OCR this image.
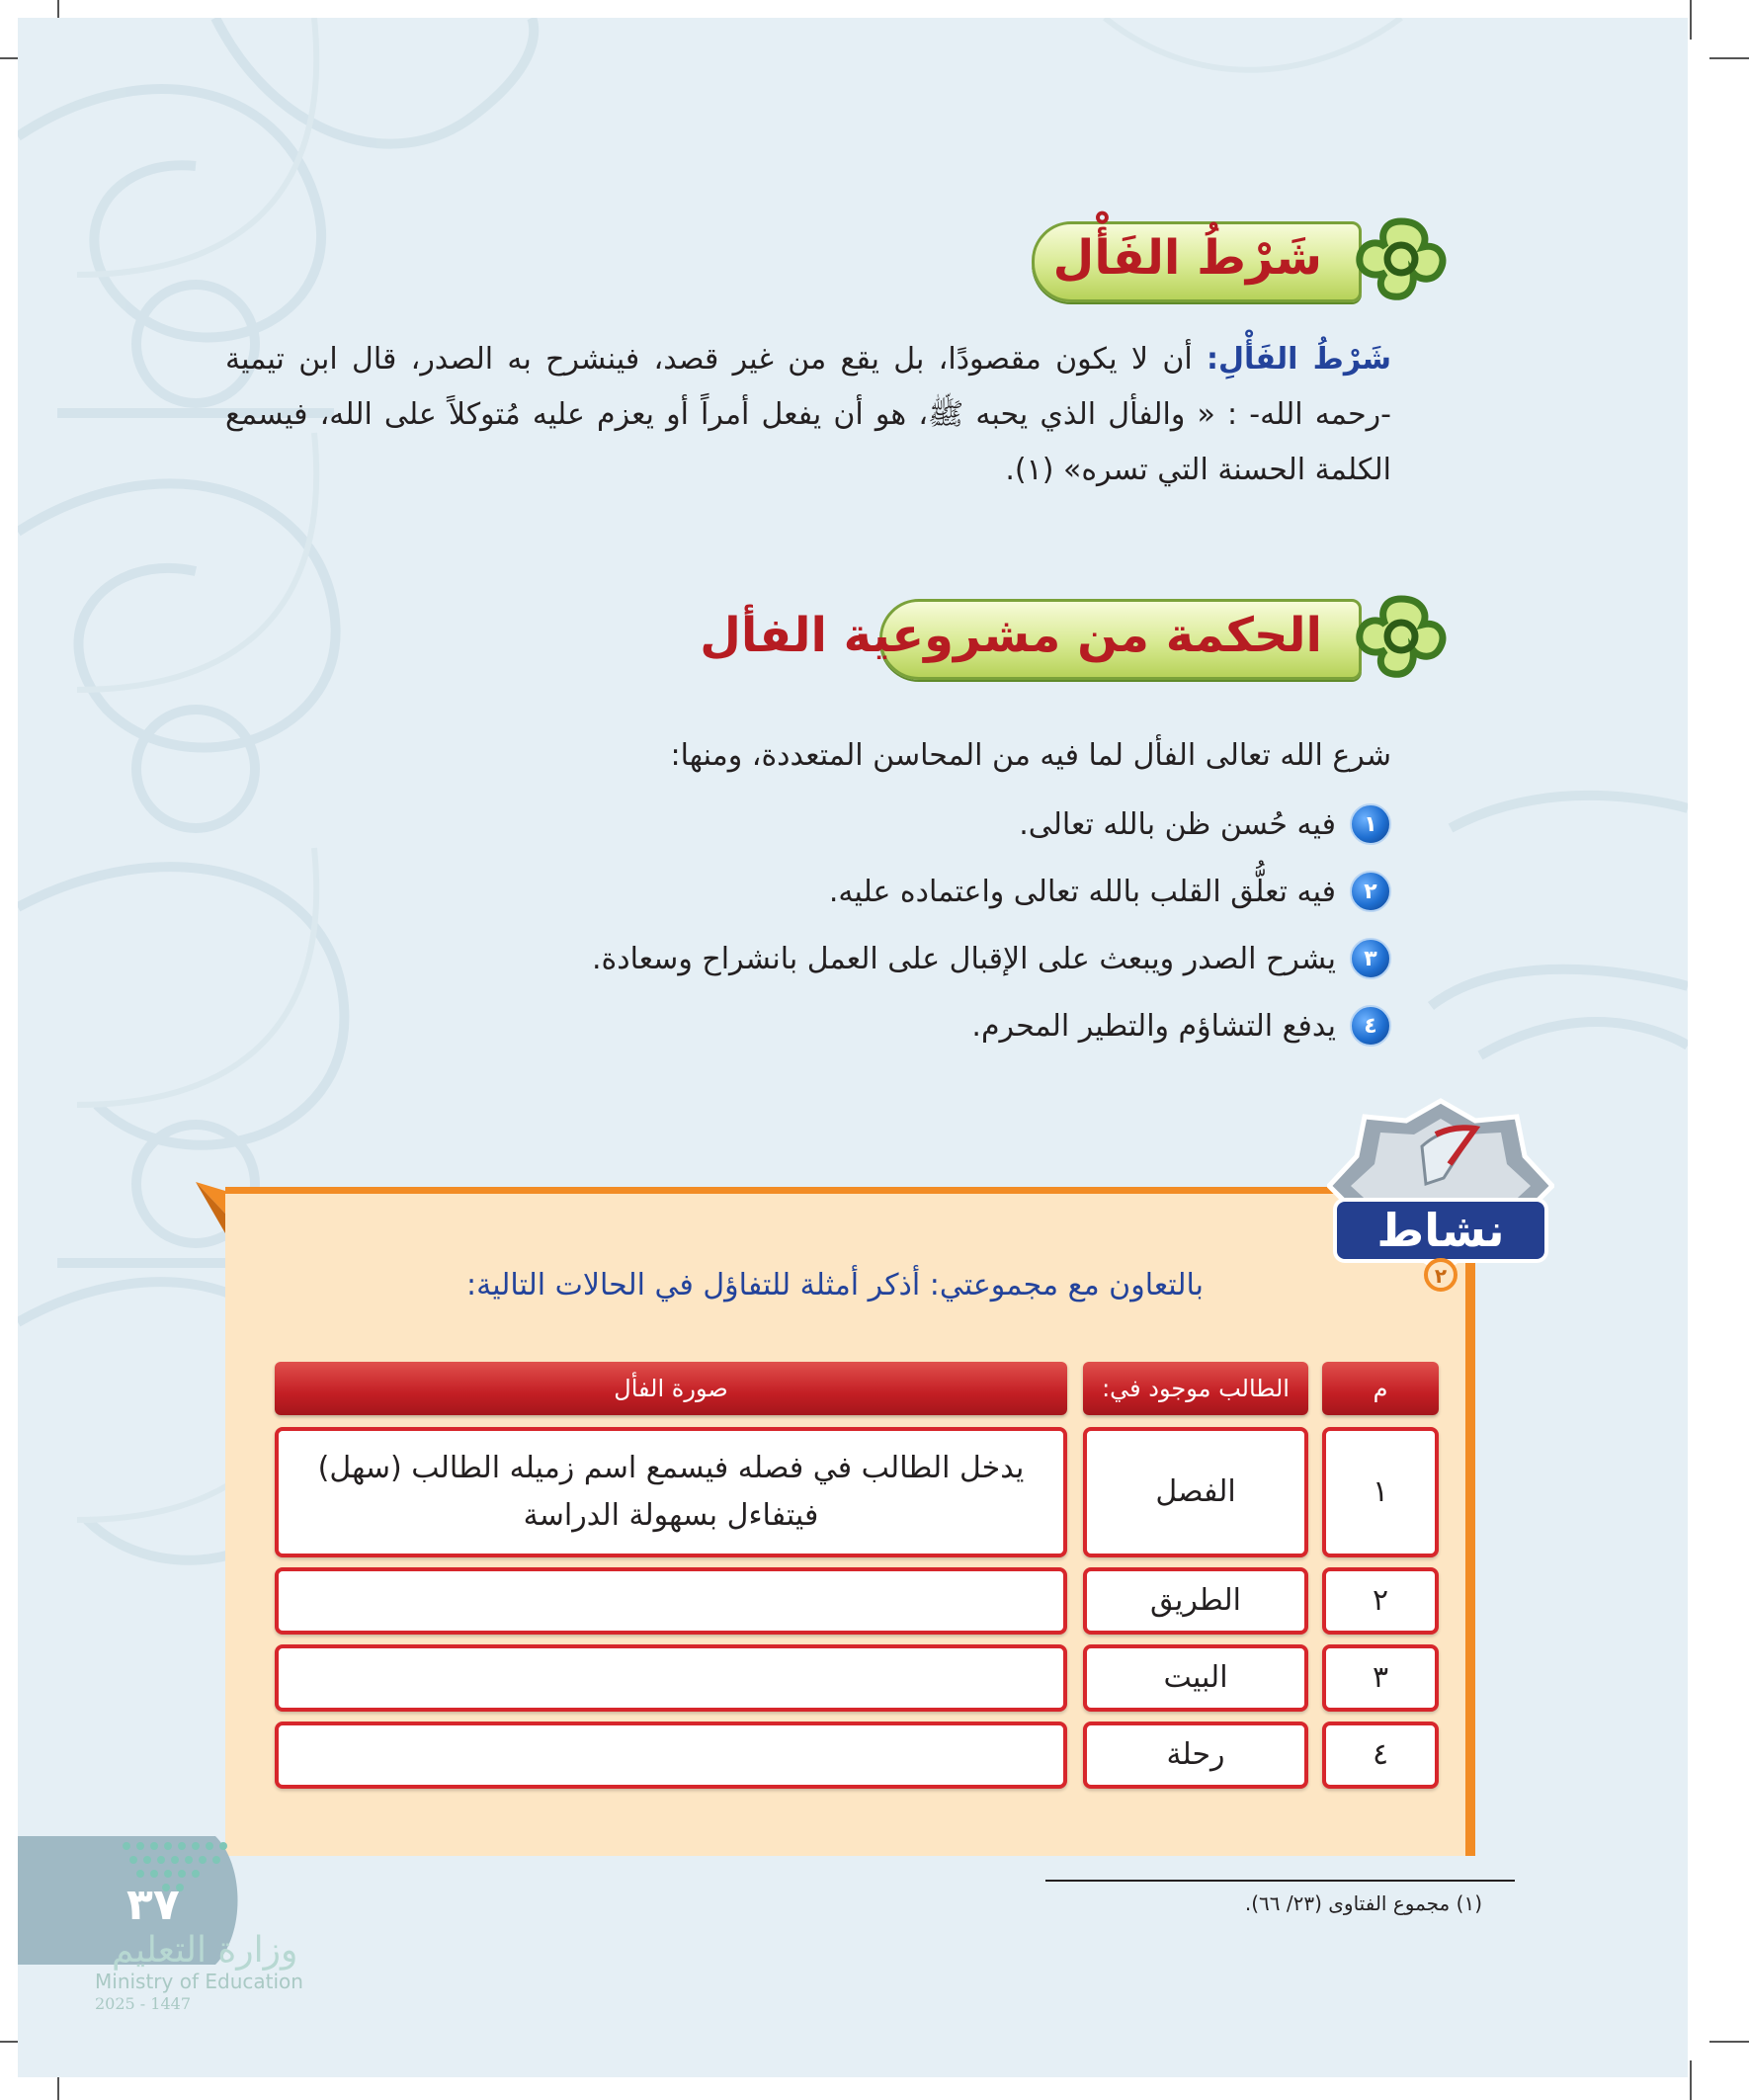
شَرْطُ الفَأْل
شَرْطُ الفَأْلِ: أن لا يكون مقصودًا، بل يقع من غير قصد، فينشرح به الصدر، قال ابن تيمية -رحمه الله- : « والفأل الذي يحبه ﷺ، هو أن يفعل أمراً أو يعزم عليه مُتوكلاً على الله، فيسمع الكلمة الحسنة التي تسره» (١).
الحكمة من مشروعية الفأل
شرع الله تعالى الفأل لما فيه من المحاسن المتعددة، ومنها:
١
فيه حُسن ظن بالله تعالى.
٢
فيه تعلُّق القلب بالله تعالى واعتماده عليه.
٣
يشرح الصدر ويبعث على الإقبال على العمل بانشراح وسعادة.
٤
يدفع التشاؤم والتطير المحرم.
بالتعاون مع مجموعتي: أذكر أمثلة للتفاؤل في الحالات التالية:
م
الطالب موجود في:
صورة الفأل
١
الفصل
يدخل الطالب في فصله فيسمع اسم زميله الطالب (سهل) فيتفاءل بسهولة الدراسة
٢
الطريق
٣
البيت
٤
رحلة
نشاط
٢
(١) مجموع الفتاوى (٢٣/ ٦٦).
٣٧
وزارة التعليم
Ministry of Education
2025 - 1447
